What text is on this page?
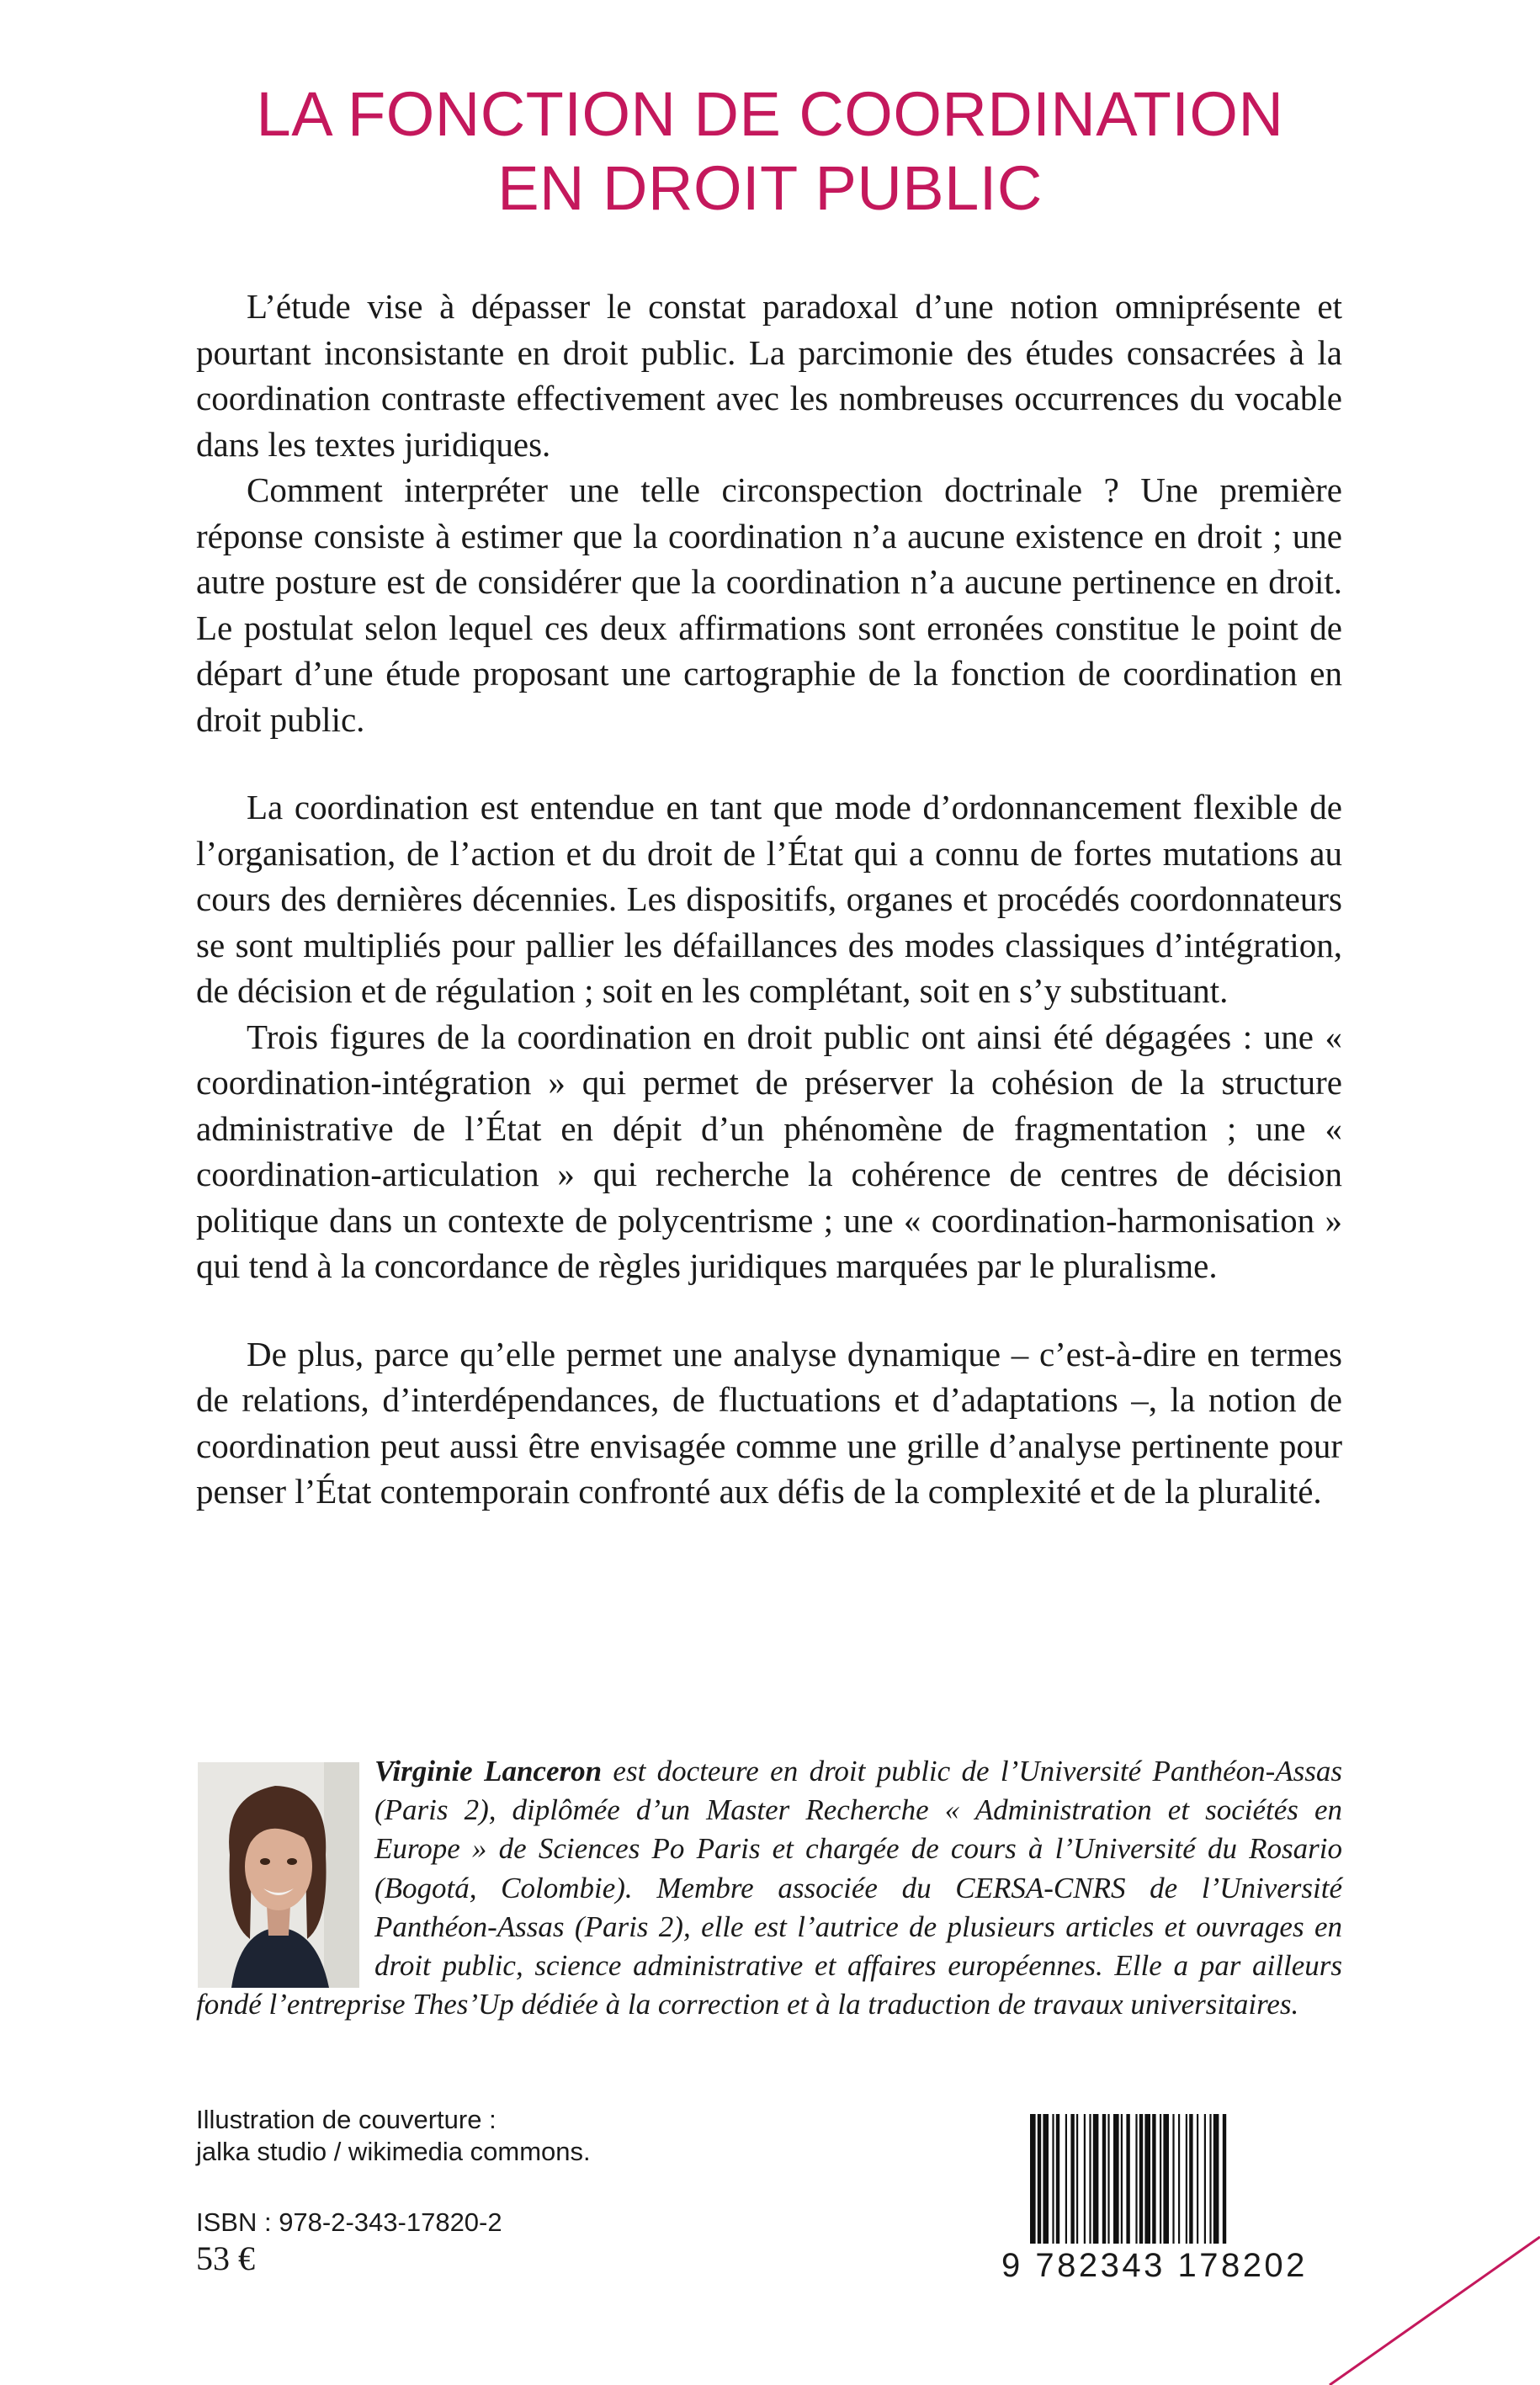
LA FONCTION DE COORDINATION
EN DROIT PUBLIC

L’étude vise à dépasser le constat paradoxal d’une notion omniprésente et pourtant inconsistante en droit public. La parcimonie des études consacrées à la coordination contraste effectivement avec les nombreuses occurrences du vocable dans les textes juridiques.

Comment interpréter une telle circonspection doctrinale ? Une première réponse consiste à estimer que la coordination n’a aucune existence en droit ; une autre posture est de considérer que la coordination n’a aucune pertinence en droit. Le postulat selon lequel ces deux affirmations sont erronées constitue le point de départ d’une étude proposant une cartographie de la fonction de coordination en droit public.

La coordination est entendue en tant que mode d’ordonnancement flexible de l’organisation, de l’action et du droit de l’État qui a connu de fortes mutations au cours des dernières décennies. Les dispositifs, organes et procédés coordonnateurs se sont multipliés pour pallier les défaillances des modes classiques d’intégration, de décision et de régulation ; soit en les complétant, soit en s’y substituant.

Trois figures de la coordination en droit public ont ainsi été dégagées : une « coordination-intégration » qui permet de préserver la cohésion de la structure administrative de l’État en dépit d’un phénomène de fragmentation ; une « coordination-articulation » qui recherche la cohérence de centres de décision politique dans un contexte de polycentrisme ; une « coordination-harmonisation » qui tend à la concordance de règles juridiques marquées par le pluralisme.

De plus, parce qu’elle permet une analyse dynamique – c’est-à-dire en termes de relations, d’interdépendances, de fluctuations et d’adaptations –, la notion de coordination peut aussi être envisagée comme une grille d’analyse pertinente pour penser l’État contemporain confronté aux défis de la complexité et de la pluralité.

Virginie Lanceron est docteure en droit public de l’Université Panthéon-Assas (Paris 2), diplômée d’un Master Recherche « Administration et sociétés en Europe » de Sciences Po Paris et chargée de cours à l’Université du Rosario (Bogotá, Colombie). Membre associée du CERSA-CNRS de l’Université Panthéon-Assas (Paris 2), elle est l’autrice de plusieurs articles et ouvrages en droit public, science administrative et affaires européennes. Elle a par ailleurs fondé l’entreprise Thes’Up dédiée à la correction et à la traduction de travaux universitaires.
Illustration de couverture :
jalka studio / wikimedia commons.
ISBN : 978-2-343-17820-2
53 €	9 782343 178202
